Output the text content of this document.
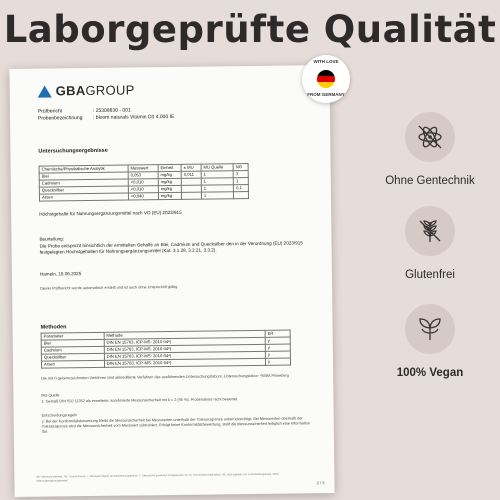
Laborgeprüfte Qualität
GBA GROUP
Prüfbericht	: 25308830 - 001
Probenbezeichnung	: bloom naturals Vitamin D3 4.000 IE
Untersuchungsergebnisse
Chemische/Physikalische Analytik	Messwert	Einheit	± MU	MU Quelle	NG
Blei	0,053	mg/kg	0,011	1	3
Cadmium	<0,010	mg/kg		1	1
Quecksilber	<0,010	mg/kg		1	0,1
Arsen	<0,040	mg/kg		1	
Höchstgehalte für Nahrungsergänzungsmittel nach VO (EU) 2023/915
Beurteilung:
Die Probe entspricht hinsichtlich der ermittelten Gehalte an Blei, Cadmium und Quecksilber den in der Verordnung (EU) 2023/915 festgelegten Höchstgehalten für Nahrungsergänzungsmittel (Kat. 3.1.28, 3.2.21, 3.3.2).
Hameln, 16.06.2025
Dieser Prüfbericht wurde automatisch erstellt und ist auch ohne Unterschrift gültig.
Methoden
Parameter	Methode	ER
Blei	DIN EN 15763, ICP-MS: 2010-04ᵃ)	y
Cadmium	DIN EN 15763, ICP-MS: 2010-04ᵃ)	y
Quecksilber	DIN EN 15763, ICP-MS: 2010-04ᵃ)	y
Arsen	DIN EN 15763, ICP-MS: 2010-04ᵃ)	y
Die mit ᵃ) gekennzeichneten Verfahren sind akkreditierte Verfahren des ausführenden Untersuchungslabors. Untersuchungslabor: ᵃ)GBA Pinneberg
MU-Quelle
1: Gemäß DIN ISO 11352 als erweiterte, kombinierte Messunsicherheit mit k = 2 (95 %). Probenahme nicht bewertet.
Entscheidungsregeln
y: Bei der Konformitätsbewertung bleibt die Messunsicherheit bei Messwerten unterhalb der Toleranzgrenze unberücksichtigt. Bei Messwerten oberhalb der Toleranzgrenze wird die Messunsicherheit vom Messwert subtrahiert. Erfolgt keine Konformitätsbewertung, stellt die Messunsicherheit lediglich eine Information dar.
MU: Messunsicherheit, TM: Trockenmasse, <: Messwert kleiner als Bestimmungsgrenze, T: Toleranz/im gesetzlich Festgesetzter zu, KV: Kontrollwert/Haltbarkeit, HS: Höchstgehalt, ER: Entscheidungsregel, NEM: Nahrungsergänzungsmittel	2 / 3
WITH LOVE
FROM GERMANY
Ohne Gentechnik
Glutenfrei
100% Vegan
